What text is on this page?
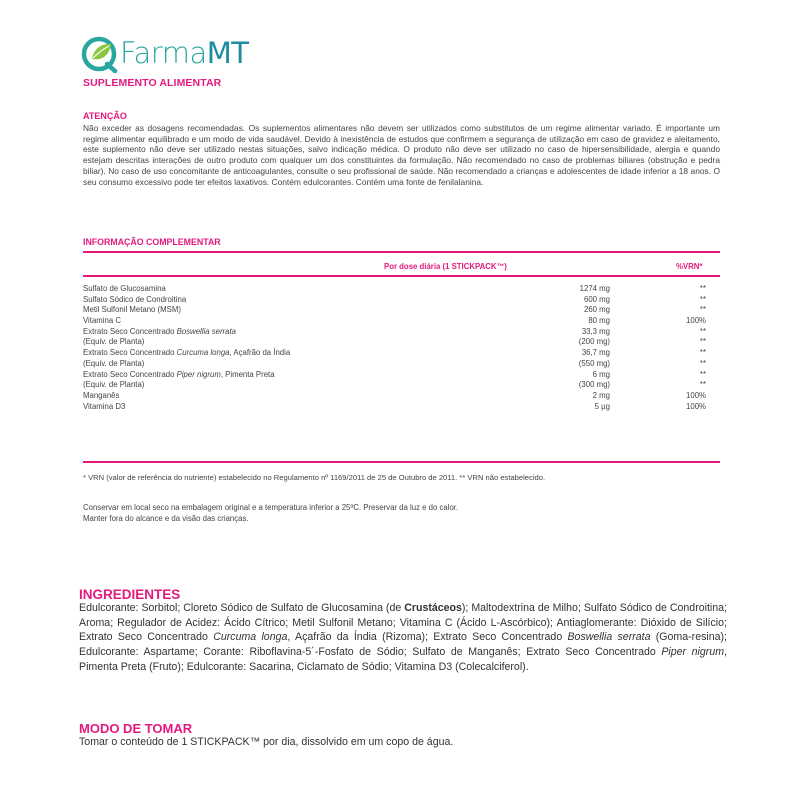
FarmaMT
SUPLEMENTO ALIMENTAR
ATENÇÃO
Não exceder as dosagens recomendadas. Os suplementos alimentares não devem ser utilizados como substitutos de um regime alimentar variado. É importante um regime alimentar equilibrado e um modo de vida saudável. Devido à inexistência de estudos que confirmem a segurança de utilização em caso de gravidez e aleitamento, este suplemento não deve ser utilizado nestas situações, salvo indicação médica. O produto não deve ser utilizado no caso de hipersensibilidade, alergia e quando estejam descritas interações de outro produto com qualquer um dos constituintes da formulação. Não recomendado no caso de problemas biliares (obstrução e pedra biliar). No caso de uso concomitante de anticoagulantes, consulte o seu profissional de saúde. Não recomendado a crianças e adolescentes de idade inferior a 18 anos. O seu consumo excessivo pode ter efeitos laxativos. Contém edulcorantes. Contém uma fonte de fenilalanina.
INFORMAÇÃO COMPLEMENTAR
Por dose diária (1 STICKPACK™)	%VRN*
Sulfato de Glucosamina	1274 mg	**
Sulfato Sódico de Condroitina	600 mg	**
Metil Sulfonil Metano (MSM)	260 mg	**
Vitamina C	80 mg	100%
Extrato Seco Concentrado Boswellia serrata	33,3 mg	**
(Equiv. de Planta)	(200 mg)	**
Extrato Seco Concentrado Curcuma longa, Açafrão da Índia	36,7 mg	**
(Equiv. de Planta)	(550 mg)	**
Extrato Seco Concentrado Piper nigrum, Pimenta Preta	6 mg	**
(Equiv. de Planta)	(300 mg)	**
Manganês	2 mg	100%
Vitamina D3	5 µg	100%
* VRN (valor de referência do nutriente) estabelecido no Regulamento nº 1169/2011 de 25 de Outubro de 2011. ** VRN não estabelecido.
Conservar em local seco na embalagem original e a temperatura inferior a 25ºC. Preservar da luz e do calor.
Manter fora do alcance e da visão das crianças.
INGREDIENTES
Edulcorante: Sorbitol; Cloreto Sódico de Sulfato de Glucosamina (de Crustáceos); Maltodextrina de Milho; Sulfato Sódico de Condroitina; Aroma; Regulador de Acidez: Ácido Cítrico; Metil Sulfonil Metano; Vitamina C (Ácido L-Ascórbico); Antiaglomerante: Dióxido de Silício; Extrato Seco Concentrado Curcuma longa, Açafrão da Índia (Rizoma); Extrato Seco Concentrado Boswellia serrata (Goma-resina); Edulcorante: Aspartame; Corante: Riboflavina-5´-Fosfato de Sódio; Sulfato de Manganês; Extrato Seco Concentrado Piper nigrum, Pimenta Preta (Fruto); Edulcorante: Sacarina, Ciclamato de Sódio; Vitamina D3 (Colecalciferol).
MODO DE TOMAR
Tomar o conteúdo de 1 STICKPACK™ por dia, dissolvido em um copo de água.
